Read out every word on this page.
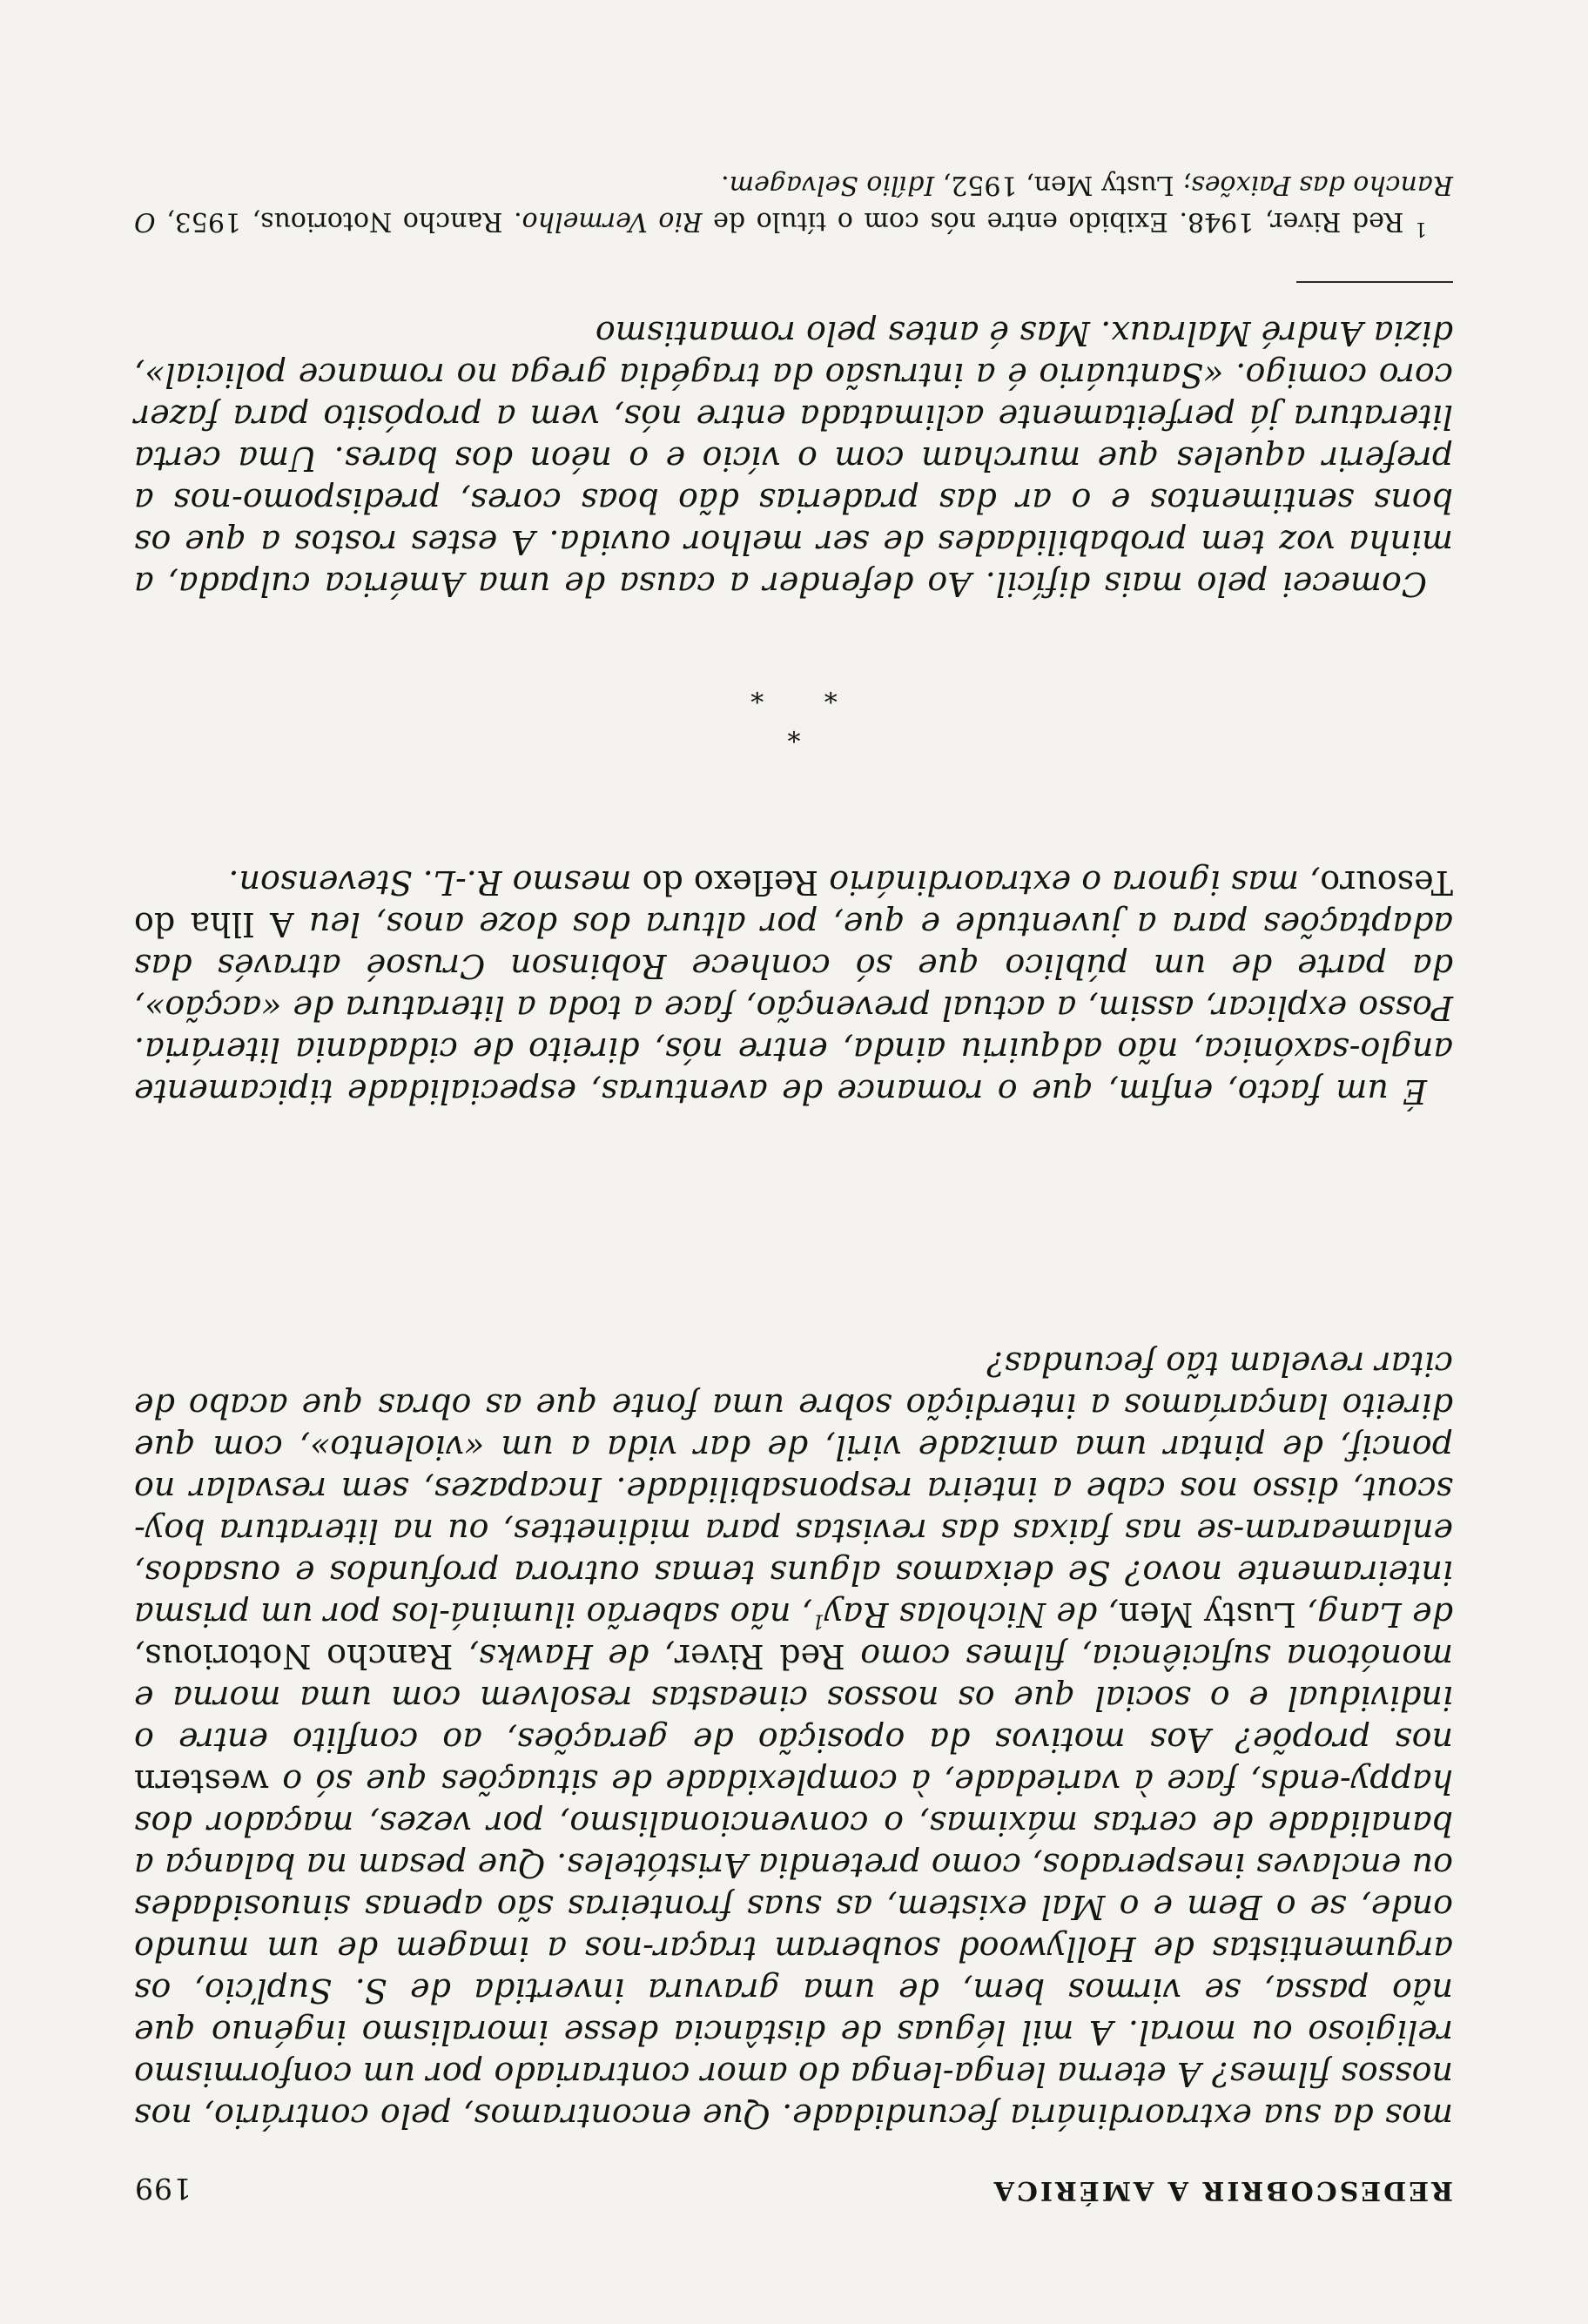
REDESCOBRIR A AMÉRICA
199

mos da sua extraordinária fecundidade. Que encontramos, pelo contrário, nos nossos filmes? A eterna lenga-lenga do amor contrariado por um conformismo religioso ou moral. A mil léguas de distância desse imoralismo ingénuo que não passa, se virmos bem, de uma gravura invertida de S. Supľcio, os argumentistas de Hollywood souberam traçar-nos a imagem de um mundo onde, se o Bem e o Mal existem, as suas fronteiras são apenas sinuosidades ou enclaves inesperados, como pretendia Aristóteles. Que pesam na balança a banalidade de certas máximas, o convencionalismo, por vezes, maçador dos happy-ends, face à variedade, à complexidade de situações que só o western nos propõe? Aos motivos da oposição de gerações, ao conflito entre o individual e o social que os nossos cineastas resolvem com uma morna e monótona suficiência, filmes como Red River, de Hawks, Rancho Notorious, de Lang, Lusty Men, de Nicholas Ray$^1$, não saberão iluminá-los por um prisma inteiramente novo? Se deixamos alguns temas outrora profundos e ousados, enlamearam-se nas faixas das revistas para midinettes, ou na literatura boy-scout, disso nos cabe a inteira responsabilidade. Incapazes, sem resvalar no poncif, de pintar uma amizade viril, de dar vida a um «violento», com que direito lançaríamos a interdição sobre uma fonte que as obras que acabo de citar revelam tão fecundas?

É um facto, enfim, que o romance de aventuras, especialidade tipicamente anglo-saxónica, não adquiriu ainda, entre nós, direito de cidadania literária. Posso explicar, assim, a actual prevenção, face a toda a literatura de «acção», da parte de um público que só conhece Robinson Crusoé através das adaptações para a juventude e que, por altura dos doze anos, leu A Ilha do Tesouro, mas ignora o extraordinário Reflexo do mesmo R.-L. Stevenson.

*
* *

Comecei pelo mais difícil. Ao defender a causa de uma América culpada, a minha voz tem probabilidades de ser melhor ouvida. A estes rostos a que os bons sentimentos e o ar das praderias dão boas cores, predispomo-nos a preferir aqueles que murcham com o vício e o néon dos bares. Uma certa literatura já perfeitamente aclimatada entre nós, vem a propósito para fazer coro comigo. «Santuário é a intrusão da tragédia grega no romance policial», dizia André Malraux. Mas é antes pelo romantismo

$^1$ Red River, 1948. Exibido entre nós com o título de Rio Vermelho. Rancho Notorious, 1953, O Rancho das Paixões; Lusty Men, 1952, Idílio Selvagem.
